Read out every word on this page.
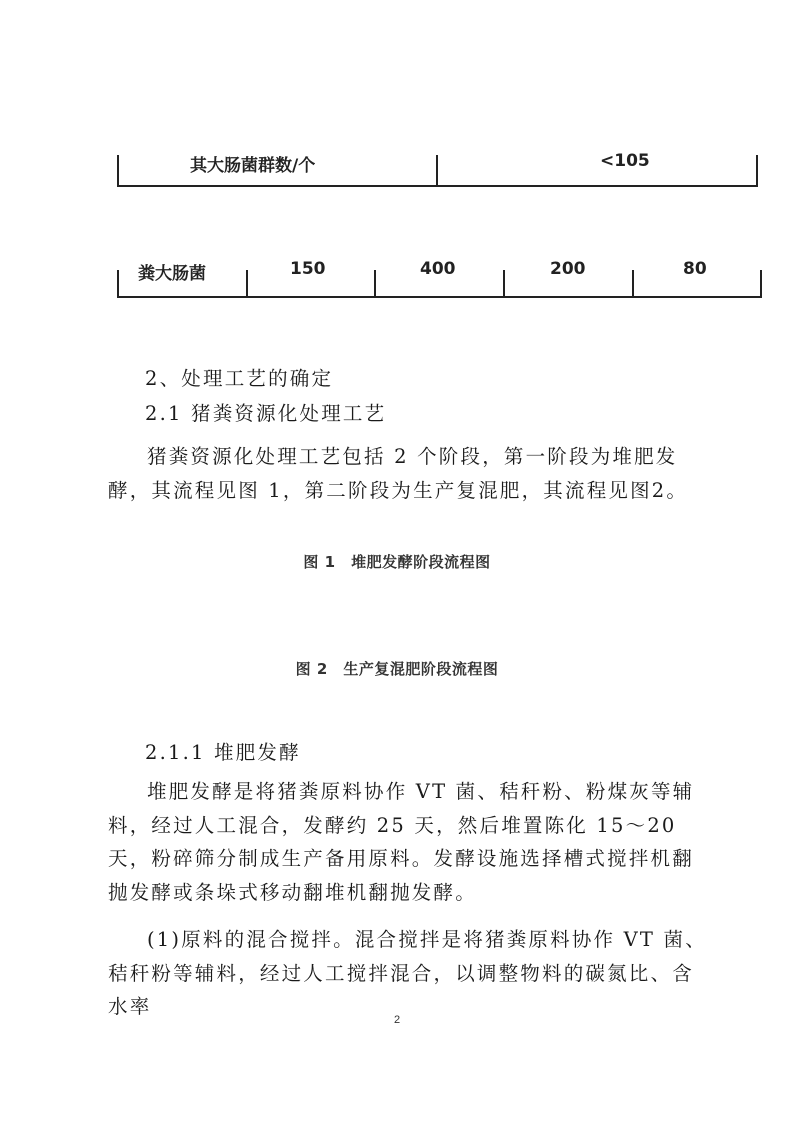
其大肠菌群数/个	<105
粪大肠菌	150	400	200	80

2、处理工艺的确定

2.1 猪粪资源化处理工艺

猪粪资源化处理工艺包括 2 个阶段，第一阶段为堆肥发酵，其流程见图 1，第二阶段为生产复混肥，其流程见图2。

图 1　堆肥发酵阶段流程图
图 2　生产复混肥阶段流程图

2.1.1 堆肥发酵

堆肥发酵是将猪粪原料协作 VT 菌、秸秆粉、粉煤灰等辅料，经过人工混合，发酵约 25 天，然后堆置陈化 15～20 天，粉碎筛分制成生产备用原料。发酵设施选择槽式搅拌机翻抛发酵或条垛式移动翻堆机翻抛发酵。

(1)原料的混合搅拌。混合搅拌是将猪粪原料协作 VT 菌、秸秆粉等辅料，经过人工搅拌混合，以调整物料的碳氮比、含水率

2
